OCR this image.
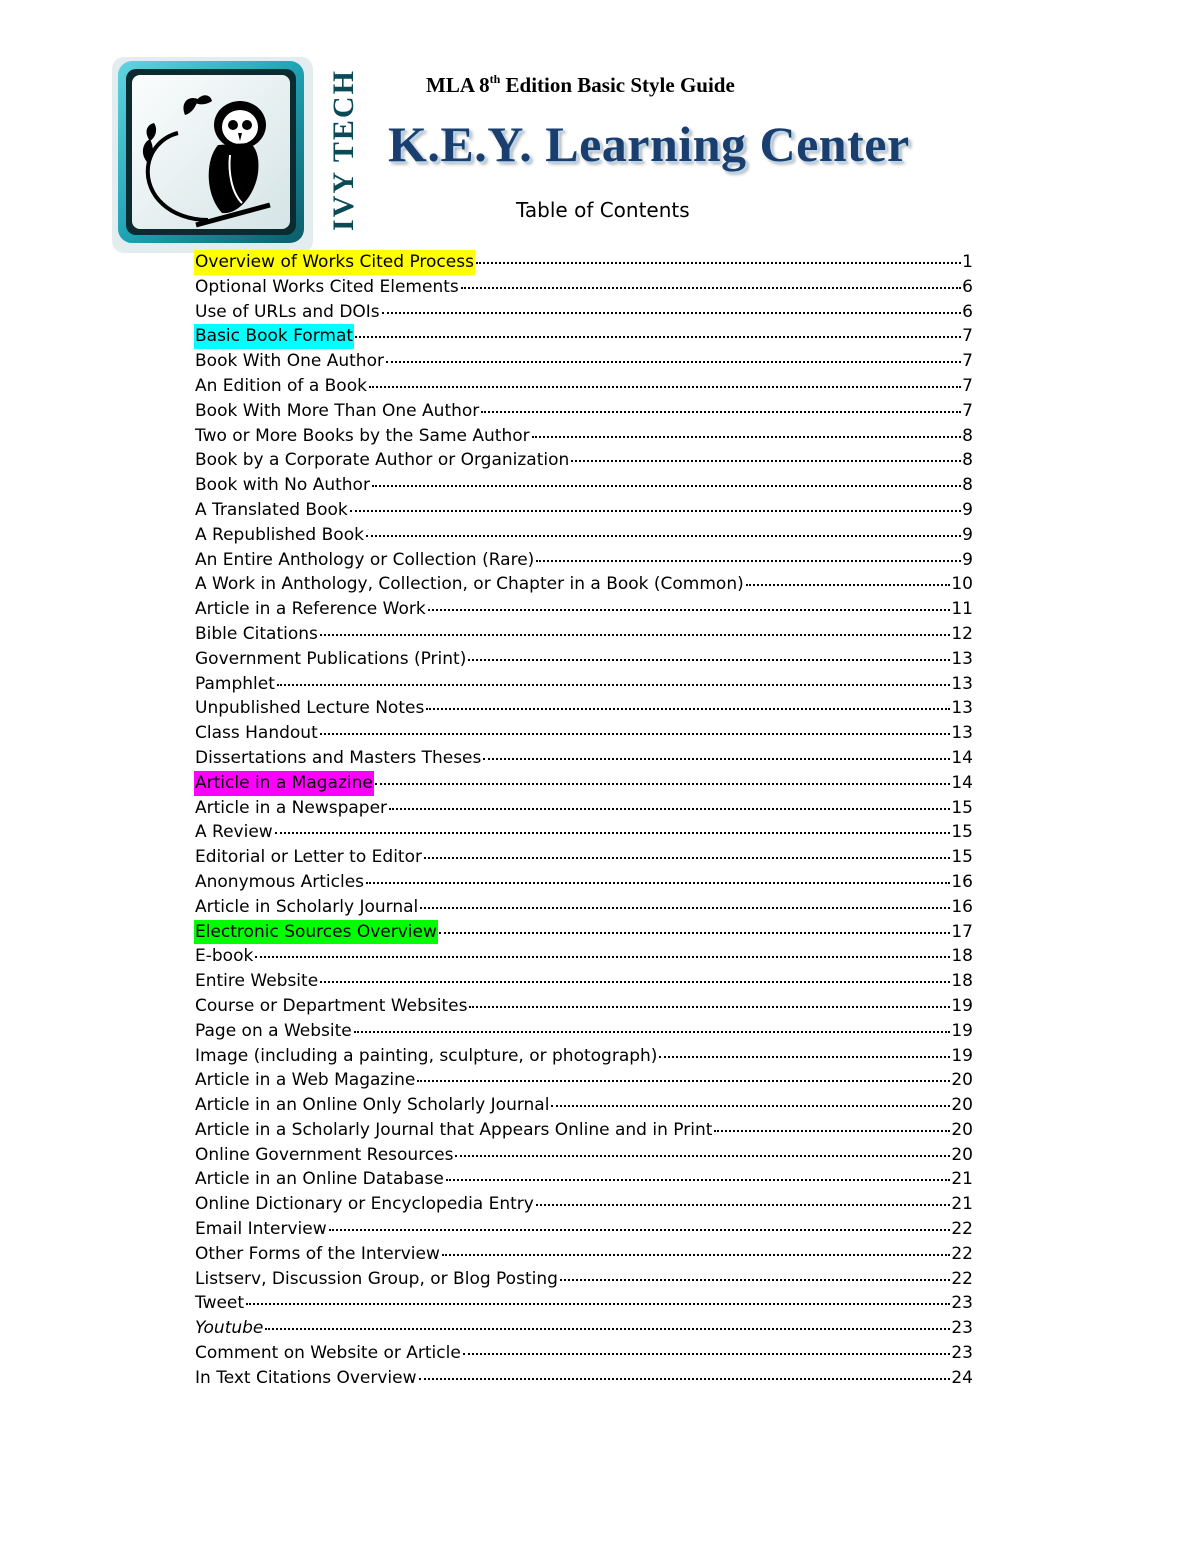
IVY TECH	MLA 8th Edition Basic Style Guide
K.E.Y. Learning Center
Table of Contents
Overview of Works Cited Process	1
Optional Works Cited Elements	6
Use of URLs and DOIs	6
Basic Book Format	7
Book With One Author	7
An Edition of a Book	7
Book With More Than One Author	7
Two or More Books by the Same Author	8
Book by a Corporate Author or Organization	8
Book with No Author	8
A Translated Book	9
A Republished Book	9
An Entire Anthology or Collection (Rare)	9
A Work in Anthology, Collection, or Chapter in a Book (Common)	10
Article in a Reference Work	11
Bible Citations	12
Government Publications (Print)	13
Pamphlet	13
Unpublished Lecture Notes	13
Class Handout	13
Dissertations and Masters Theses	14
Article in a Magazine	14
Article in a Newspaper	15
A Review	15
Editorial or Letter to Editor	15
Anonymous Articles	16
Article in Scholarly Journal	16
Electronic Sources Overview	17
E-book	18
Entire Website	18
Course or Department Websites	19
Page on a Website	19
Image (including a painting, sculpture, or photograph)	19
Article in a Web Magazine	20
Article in an Online Only Scholarly Journal	20
Article in a Scholarly Journal that Appears Online and in Print	20
Online Government Resources	20
Article in an Online Database	21
Online Dictionary or Encyclopedia Entry	21
Email Interview	22
Other Forms of the Interview	22
Listserv, Discussion Group, or Blog Posting	22
Tweet	23
Youtube	23
Comment on Website or Article	23
In Text Citations Overview	24
